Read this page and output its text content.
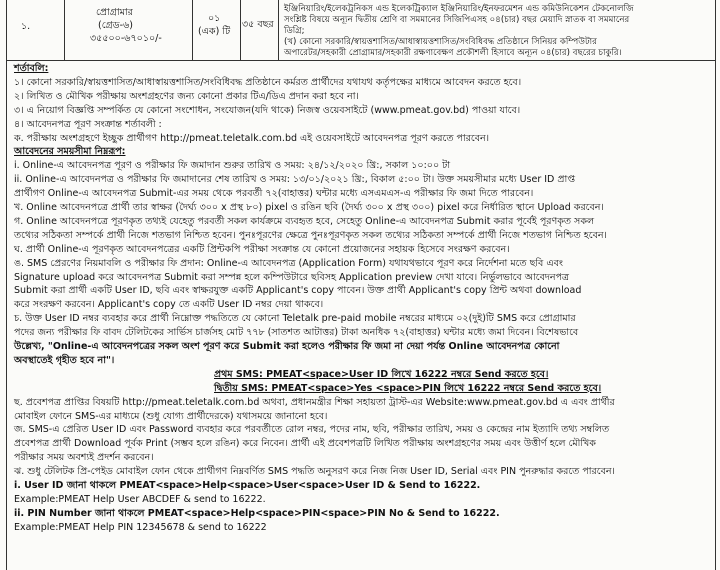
১.
প্রোগ্রামার
(গ্রেড-৬)
৩৫৫০০-৬৭০১০/-
০১
(এক) টি
৩৫ বছর
ইঞ্জিনিয়ারিং/ইলেকট্রনিকস এন্ড ইলেকট্রিক্যাল ইঞ্জিনিয়ারিং/ইনফরমেশন এন্ড কমিউনিকেশন টেকনোলজি
সংশ্লিষ্ট বিষয়ে অন্যূন দ্বিতীয় শ্রেণি বা সমমানের সিজিপিএসহ ০৪(চার) বছর মেয়াদি স্নাতক বা সমমানের
ডিগ্রি;
(খ) কোনো সরকারি/স্বায়ত্তশাসিত/আধাস্বায়ত্তশাসিত/সংবিধিবদ্ধ প্রতিষ্ঠানে সিনিয়র কম্পিউটার
অপারেটর/সহকারী প্রোগ্রামার/সহকারী রক্ষণাবেক্ষণ প্রকৌশলী হিসাবে অন্যূন ০৪(চার) বছরের চাকুরি।
শর্তাবলি:
১। কোনো সরকারি/স্বায়ত্তশাসিত/আধাস্বায়ত্তশাসিত/সংবিধিবদ্ধ প্রতিষ্ঠানে কর্মরত প্রার্থীদের যথাযথ কর্তৃপক্ষের মাধ্যমে আবেদন করতে হবে।
২। লিখিত ও মৌখিক পরীক্ষায় অংশগ্রহণের জন্য কোনো প্রকার টিএ/ডিএ প্রদান করা হবে না।
৩। এ নিয়োগ বিজ্ঞপ্তি সম্পর্কিত যে কোনো সংশোধন, সংযোজন(যদি থাকে) নিজস্ব ওয়েবসাইটে (www.pmeat.gov.bd) পাওয়া যাবে।
৪। আবেদনপত্র পূরণ সংক্রান্ত শর্তাবলী :
ক. পরীক্ষায় অংশগ্রহণে ইচ্ছুক প্রার্থীগণ http://pmeat.teletalk.com.bd এই ওয়েবসাইটে আবেদনপত্র পূরণ করতে পারবেন।
আবেদনের সময়সীমা নিম্নরূপ:
i. Online-এ আবেদনপত্র পূরণ ও পরীক্ষার ফি জমাদান শুরুর তারিখ ও সময়: ২৪/১২/২০২০ খ্রি:, সকাল ১০:০০ টা
ii. Online-এ আবেদনপত্র ও পরীক্ষার ফি জমাদানের শেষ তারিখ ও সময়: ১৩/০১/২০২১ খ্রি:, বিকাল ৫:০০ টা। উক্ত সময়সীমার মধ্যে User ID প্রাপ্ত
প্রার্থীগণ Online-এ আবেদনপত্র Submit-এর সময় থেকে পরবর্তী ৭২(বাহাত্তর) ঘন্টার মধ্যে এসএমএস-এ পরীক্ষার ফি জমা দিতে পারবেন।
খ. Online আবেদনপত্রে প্রার্থী তার স্বাক্ষর (দৈর্ঘ্য ৩০০ x প্রস্থ ৮০) pixel ও রঙিন ছবি (দৈর্ঘ্য ৩০০ x প্রস্থ ৩০০) pixel করে নির্ধারিত স্থানে Upload করবেন।
গ. Online আবেদনপত্রে পূরণকৃত তথ্যই যেহেতু পরবর্তী সকল কার্যক্রমে ব্যবহৃত হবে, সেহেতু Online-এ আবেদনপত্র Submit করার পূর্বেই পূরণকৃত সকল
তথ্যের সঠিকতা সম্পর্কে প্রার্থী নিজে শতভাগ নিশ্চিত হবেন। পুনঃপূরণের ক্ষেত্রে পুনঃপূরণকৃত সকল তথ্যের সঠিকতা সম্পর্কে প্রার্থী নিজে শতভাগ নিশ্চিত হবেন।
ঘ. প্রার্থী Online-এ পূরণকৃত আবেদনপত্রের একটি প্রিন্টকপি পরীক্ষা সংক্রান্ত যে কোনো প্রয়োজনের সহায়ক হিসেবে সংরক্ষণ করবেন।
ঙ. SMS প্রেরণের নিয়মাবলি ও পরীক্ষার ফি প্রদান: Online-এ আবেদনপত্র (Application Form) যথাযথভাবে পূরণ করে নির্দেশনা মতে ছবি এবং
Signature upload করে আবেদনপত্র Submit করা সম্পন্ন হলে কম্পিউটারে ছবিসহ Application preview দেখা যাবে। নির্ভুলভাবে আবেদনপত্র
Submit করা প্রার্থী একটি User ID, ছবি এবং স্বাক্ষরযুক্ত একটি Applicant's copy পাবেন। উক্ত প্রার্থী Applicant's copy প্রিন্ট অথবা download
করে সংরক্ষণ করবেন। Applicant's copy তে একটি User ID নম্বর দেয়া থাকবে।
চ. উক্ত User ID নম্বর ব্যবহার করে প্রার্থী নিম্নোক্ত পদ্ধতিতে যে কোনো Teletalk pre-paid mobile নম্বরের মাধ্যমে ০২(দুই)টি SMS করে প্রোগ্রামার
পদের জন্য পরীক্ষার ফি বাবদ টেলিটকের সার্ভিস চার্জসহ মোট ৭৭৮ (সাতশত আটাত্তর) টাকা অনধিক ৭২(বাহাত্তর) ঘন্টার মধ্যে জমা দিবেন। বিশেষভাবে
উল্লেখ্য, "Online-এ আবেদনপত্রের সকল অংশ পূরণ করে Submit করা হলেও পরীক্ষার ফি জমা না দেয়া পর্যন্ত Online আবেদনপত্র কোনো
অবস্থাতেই গৃহীত হবে না"।
প্রথম SMS: PMEAT<space>User ID লিখে 16222 নম্বরে Send করতে হবে।
দ্বিতীয় SMS: PMEAT<space>Yes <space>PIN লিখে 16222 নম্বরে Send করতে হবে।
ছ. প্রবেশপত্র প্রাপ্তির বিষয়টি http://pmeat.teletalk.com.bd অথবা, প্রধানমন্ত্রীর শিক্ষা সহায়তা ট্রাস্ট-এর Website:www.pmeat.gov.bd এ এবং প্রার্থীর
মোবাইল ফোনে SMS-এর মাধ্যমে (শুধু যোগ্য প্রার্থীদেরকে) যথাসময়ে জানানো হবে।
জ. SMS-এ প্রেরিত User ID এবং Password ব্যবহার করে পরবর্তীতে রোল নম্বর, পদের নাম, ছবি, পরীক্ষার তারিখ, সময় ও কেন্দ্রের নাম ইত্যাদি তথ্য সম্বলিত
প্রবেশপত্র প্রার্থী Download পূর্বক Print (সম্ভব হলে রঙিন) করে নিবেন। প্রার্থী এই প্রবেশপত্রটি লিখিত পরীক্ষায় অংশগ্রহণের সময় এবং উত্তীর্ণ হলে মৌখিক
পরীক্ষার সময় অবশ্যই প্রদর্শন করবেন।
ঝ. শুধু টেলিটক প্রি-পেইড মোবাইল ফোন থেকে প্রার্থীগণ নিম্নবর্ণিত SMS পদ্ধতি অনুসরণ করে নিজ নিজ User ID, Serial এবং PIN পুনরুদ্ধার করতে পারবেন।
i. User ID জানা থাকলে PMEAT<space>Help<space>User<space>User ID & Send to 16222.
Example:PMEAT Help User ABCDEF & send to 16222.
ii. PIN Number জানা থাকলে PMEAT<space>Help<space>PIN<space>PIN No & Send to 16222.
Example:PMEAT Help PIN 12345678 & send to 16222
